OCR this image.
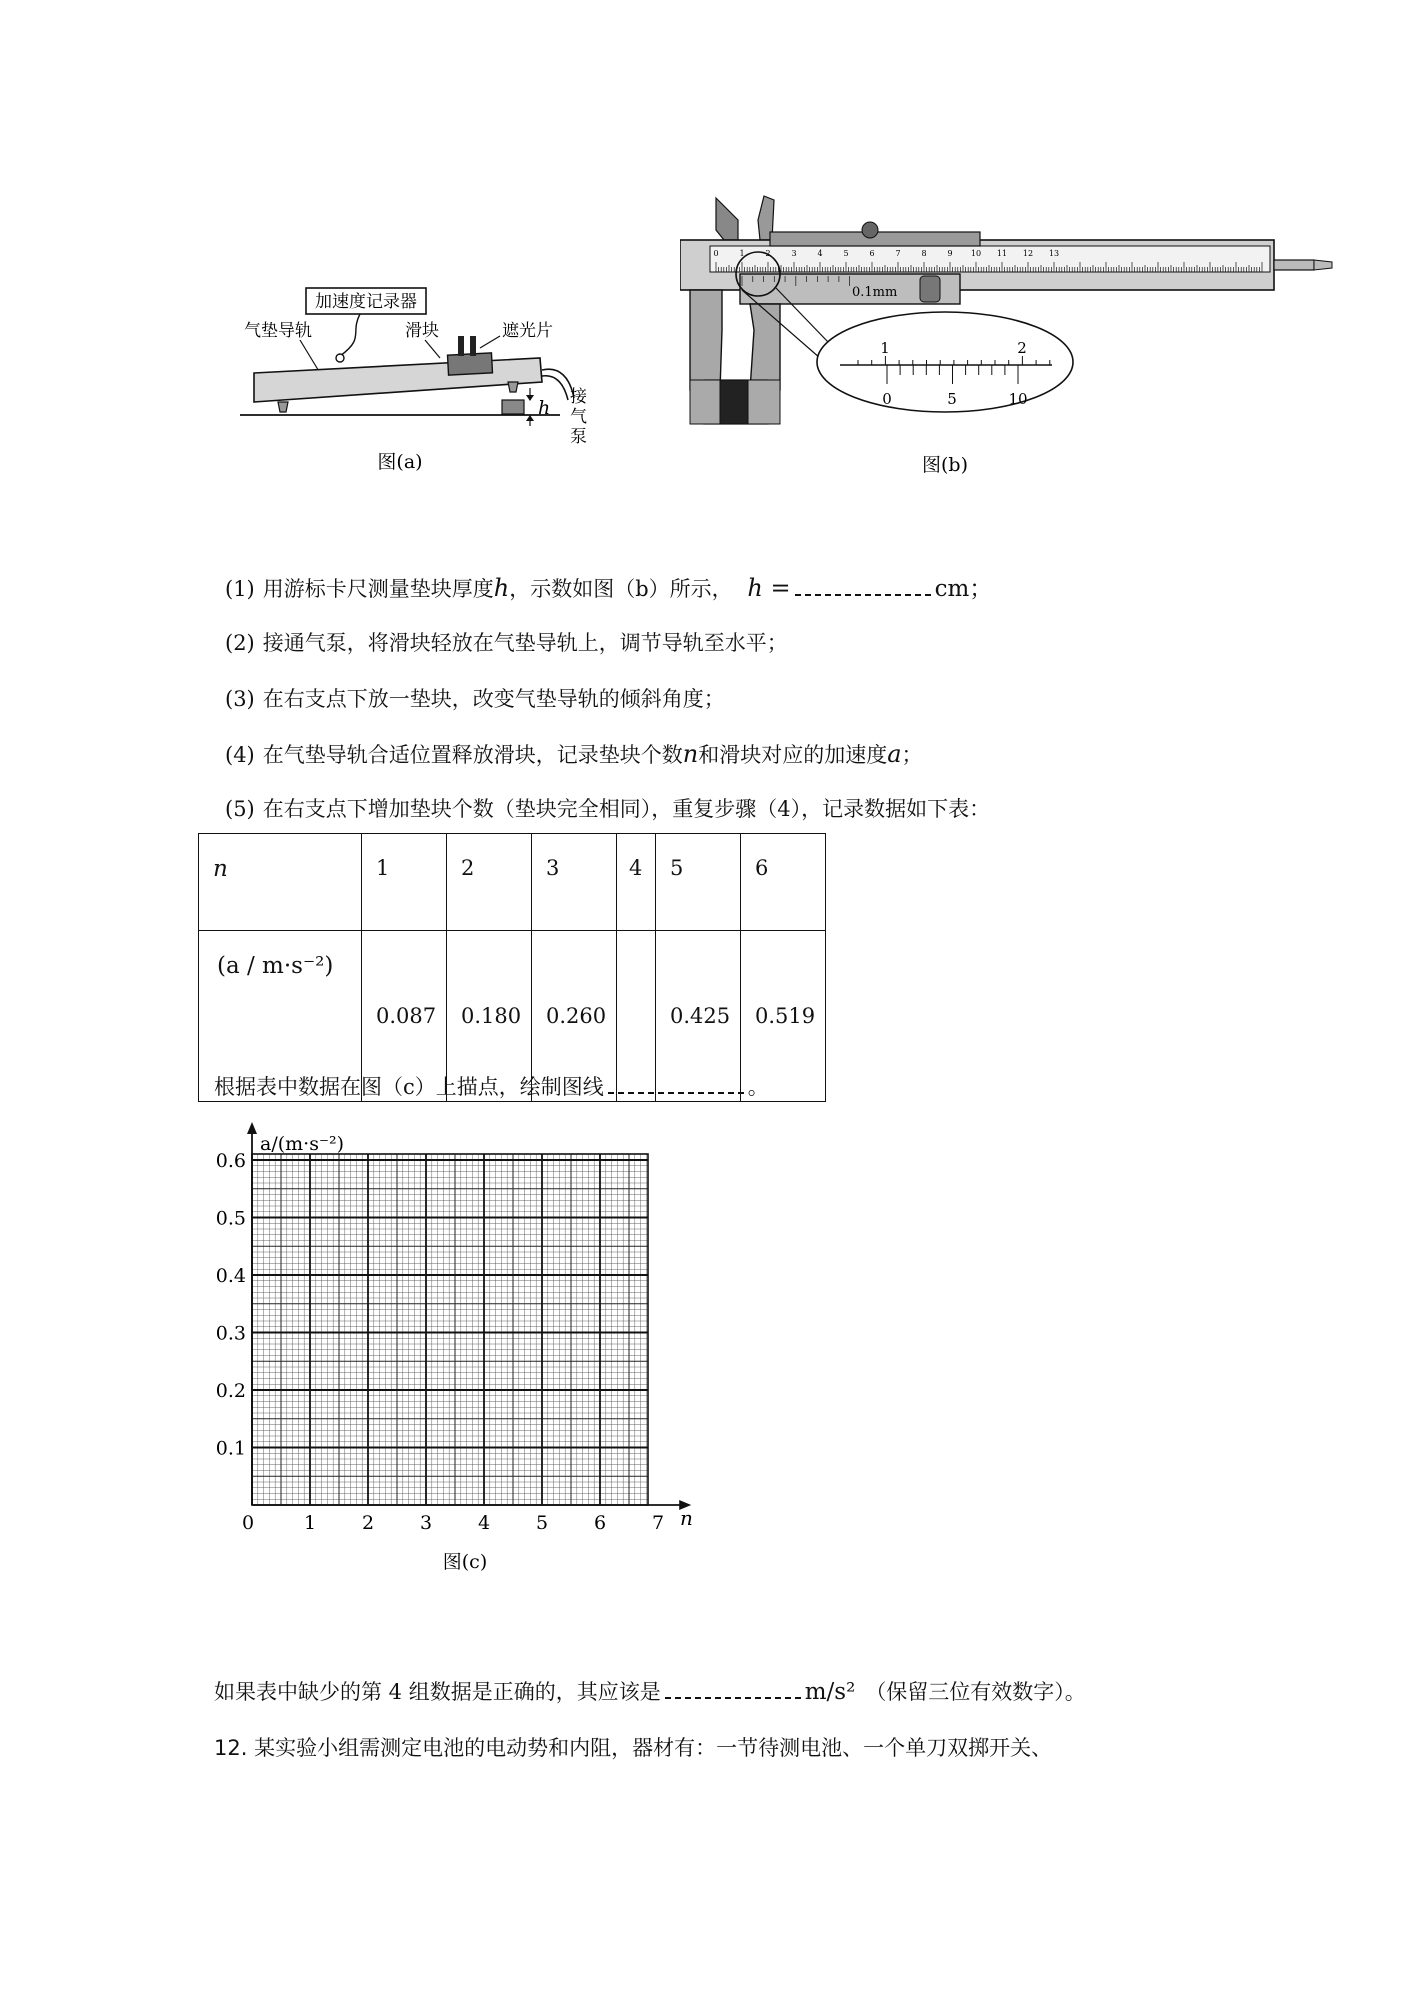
加速度记录器
气垫导轨	滑块	遮光片
h 接
气
泵
图(a)
0	1	2	3	4	5	6	7	8	9 10 11 12 13
0.1mm
1	2
0	5	10
图(b)
(1) 用游标卡尺测量垫块厚度h，示数如图（b）所示， h =	cm；
(2) 接通气泵，将滑块轻放在气垫导轨上，调节导轨至水平；
(3) 在右支点下放一垫块，改变气垫导轨的倾斜角度；
(4) 在气垫导轨合适位置释放滑块，记录垫块个数n和滑块对应的加速度a；
(5) 在右支点下增加垫块个数（垫块完全相同），重复步骤（4），记录数据如下表：
n	1	2	3	4	5	6
(a / m·s⁻²)	0.087	0.180	0.260		0.425	0.519
根据表中数据在图（c）上描点，绘制图线	。
0	1 2 3 4 5 6 7
0.1
0.2
0.3
0.4
0.5
0.6
a/(m·s⁻²)
n
图(c)
如果表中缺少的第 4 组数据是正确的，其应该是	m/s² （保留三位有效数字）。
12. 某实验小组需测定电池的电动势和内阻，器材有：一节待测电池、一个单刀双掷开关、
